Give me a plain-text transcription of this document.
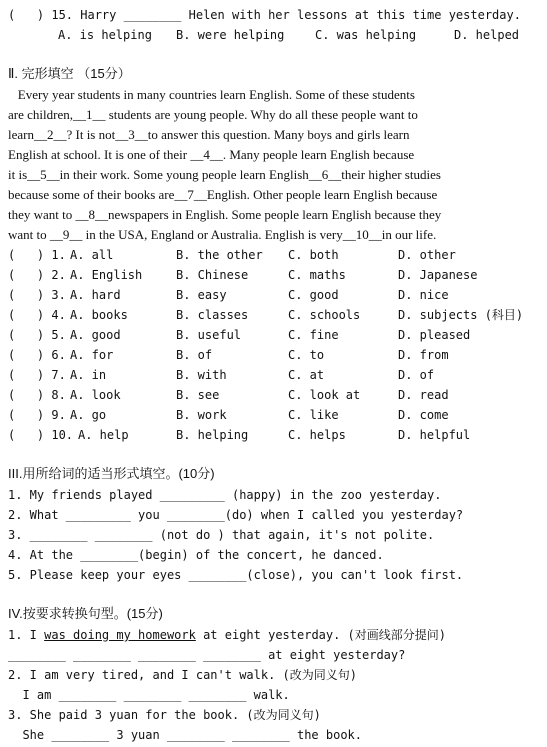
(   ) 15. Harry ________ Helen with her lessons at this time yesterday.
A. is helping B. were helping	C. was helping	D. helped
Ⅱ. 完形填空 （15分）
Every year students in many countries learn English. Some of these students
are children,__1__ students are young people. Why do all these people want to
learn__2__? It is not__3__to answer this question. Many boys and girls learn
English at school. It is one of their __4__. Many people learn English because
it is__5__in their work. Some young people learn English__6__their higher studies
because some of their books are__7__English. Other people learn English because
they want to __8__newspapers in English. Some people learn English because they
want to __9__ in the USA, England or Australia. English is very__10__in our life.
(   ) 1. A. all	B. the other C. both	D. other
(   ) 2. A. English	B. Chinese	C. maths	D. Japanese
(   ) 3. A. hard	B. easy	C. good	D. nice
(   ) 4. A. books	B. classes	C. schools	D. subjects (科目)
(   ) 5. A. good	B. useful	C. fine	D. pleased
(   ) 6. A. for	B. of	C. to	D. from
(   ) 7. A. in	B. with	C. at	D. of
(   ) 8. A. look	B. see	C. look at	D. read
(   ) 9. A. go	B. work	C. like	D. come
(   ) 10. A. help	B. helping	C. helps	D. helpful
III.用所给词的适当形式填空。(10分)
1. My friends played _________ (happy) in the zoo yesterday.
2. What _________ you ________(do) when I called you yesterday?
3. ________ ________ (not do ) that again, it's not polite.
4. At the ________(begin) of the concert, he danced.
5. Please keep your eyes ________(close), you can't look first.
IV.按要求转换句型。(15分)
1. I was doing my homework at eight yesterday. (对画线部分提问)
________ ________ ________ ________ at eight yesterday?
2. I am very tired, and I can't walk. (改为同义句)
I am ________ ________ ________ walk.
3. She paid 3 yuan for the book. (改为同义句)
She ________ 3 yuan ________ ________ the book.
